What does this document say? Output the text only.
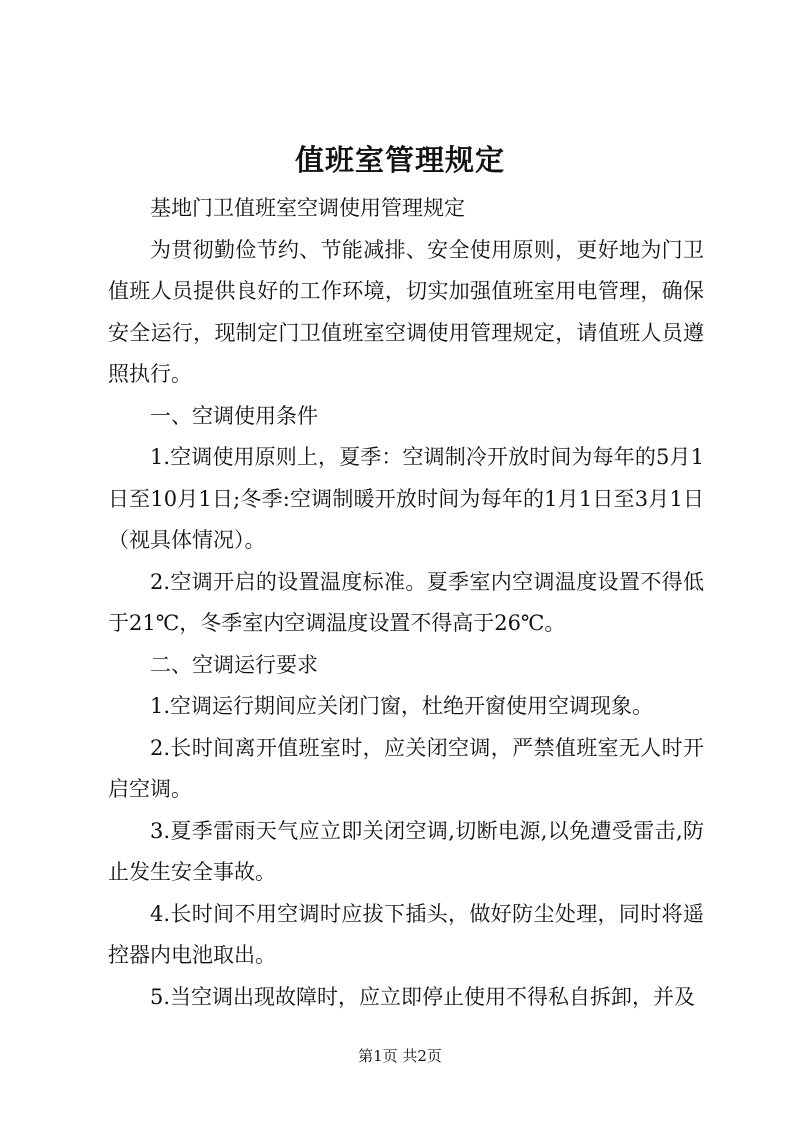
值班室管理规定

基地门卫值班室空调使用管理规定

为贯彻勤俭节约、节能减排、安全使用原则，更好地为门卫值班人员提供良好的工作环境，切实加强值班室用电管理，确保安全运行，现制定门卫值班室空调使用管理规定，请值班人员遵照执行。

一、空调使用条件

1.空调使用原则上，夏季：空调制冷开放时间为每年的5月1日至10月1日;冬季:空调制暖开放时间为每年的1月1日至3月1日（视具体情况）。

2.空调开启的设置温度标准。夏季室内空调温度设置不得低于21℃，冬季室内空调温度设置不得高于26℃。

二、空调运行要求

1.空调运行期间应关闭门窗，杜绝开窗使用空调现象。

2.长时间离开值班室时，应关闭空调，严禁值班室无人时开启空调。

3.夏季雷雨天气应立即关闭空调,切断电源,以免遭受雷击,防止发生安全事故。

4.长时间不用空调时应拔下插头，做好防尘处理，同时将遥控器内电池取出。

5.当空调出现故障时，应立即停止使用不得私自拆卸，并及

第1页 共2页
